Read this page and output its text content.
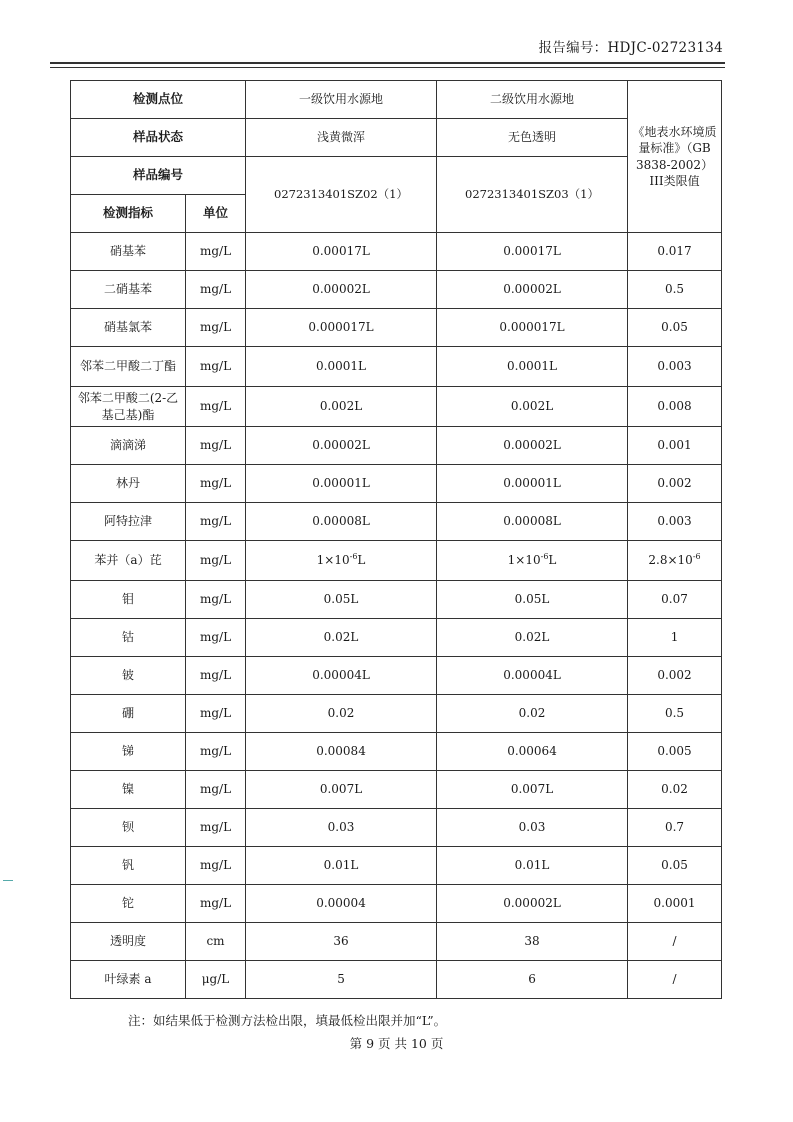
报告编号：HDJC-02723134
检测点位		一级饮用水源地	二级饮用水源地	《地表水环境质量标准》（GB 3838-2002）III类限值
样品状态		浅黄微浑	无色透明	
样品编号		0272313401SZ02（1）	0272313401SZ03（1）	
检测指标	单位			
硝基苯	mg/L	0.00017L	0.00017L	0.017
二硝基苯	mg/L	0.00002L	0.00002L	0.5
硝基氯苯	mg/L	0.000017L	0.000017L	0.05
邻苯二甲酸二丁酯	mg/L	0.0001L	0.0001L	0.003
邻苯二甲酸二(2-乙基己基)酯	mg/L	0.002L	0.002L	0.008
滴滴涕	mg/L	0.00002L	0.00002L	0.001
林丹	mg/L	0.00001L	0.00001L	0.002
阿特拉津	mg/L	0.00008L	0.00008L	0.003
苯并（a）芘	mg/L	$1\times 10^{-6}L$	$1\times 10^{-6}L$	$2.8\times 10^{-6}$
钼	mg/L	0.05L	0.05L	0.07
钴	mg/L	0.02L	0.02L	1
铍	mg/L	0.00004L	0.00004L	0.002
硼	mg/L	0.02	0.02	0.5
锑	mg/L	0.00084	0.00064	0.005
镍	mg/L	0.007L	0.007L	0.02
钡	mg/L	0.03	0.03	0.7
钒	mg/L	0.01L	0.01L	0.05
铊	mg/L	0.00004	0.00002L	0.0001
透明度	cm	36	38	/
叶绿素 a	μg/L	5	6	/
注：如结果低于检测方法检出限，填最低检出限并加“L”。
第 9 页 共 10 页
